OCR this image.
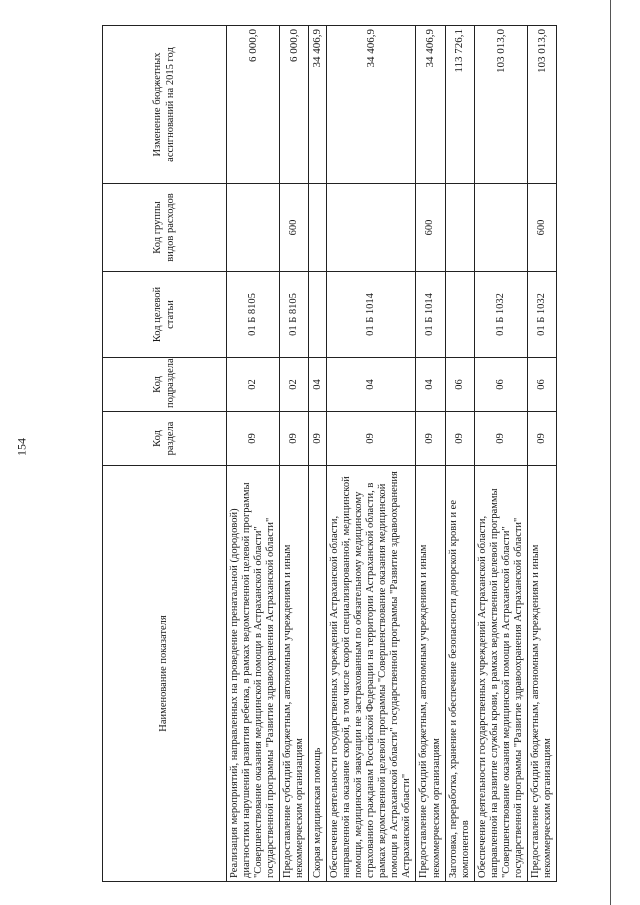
154
Наименование показателя	Код раздела	Код подраздела	Код целевой статьи	Код группы видов расходов	Изменение бюджетных ассигнований на 2015 год
Реализация мероприятий, направленных на проведение пренатальной (дородовой) диагностики нарушений развития ребенка, в рамках ведомственной целевой программы "Совершенствование оказания медицинской помощи в Астраханской области" государственной программы "Развитие здравоохранения Астраханской области"	09	02	01 Б 8105		6 000,0
Предоставление субсидий бюджетным, автономным учреждениям и иным некоммерческим организациям	09	02	01 Б 8105	600	6 000,0
Скорая медицинская помощь	09	04			34 406,9
Обеспечение деятельности государственных учреждений Астраханской области, направленной на оказание скорой, в том числе скорой специализированной, медицинской помощи, медицинской эвакуации не застрахованным по обязательному медицинскому страхованию гражданам Российской Федерации на территории Астраханской области, в рамках ведомственной целевой программы "Совершенствование оказания медицинской помощи в Астраханской области" государственной программы "Развитие здравоохранения Астраханской области"	09	04	01 Б 1014		34 406,9
Предоставление субсидий бюджетным, автономным учреждениям и иным некоммерческим организациям	09	04	01 Б 1014	600	34 406,9
Заготовка, переработка, хранение и обеспечение безопасности донорской крови и ее компонентов	09	06			113 726,1
Обеспечение деятельности государственных учреждений Астраханской области, направленной на развитие службы крови, в рамках ведомственной целевой программы "Совершенствование оказания медицинской помощи в Астраханской области" государственной программы "Развитие здравоохранения Астраханской области"	09	06	01 Б 1032		103 013,0
Предоставление субсидий бюджетным, автономным учреждениям и иным некоммерческим организациям	09	06	01 Б 1032	600	103 013,0
